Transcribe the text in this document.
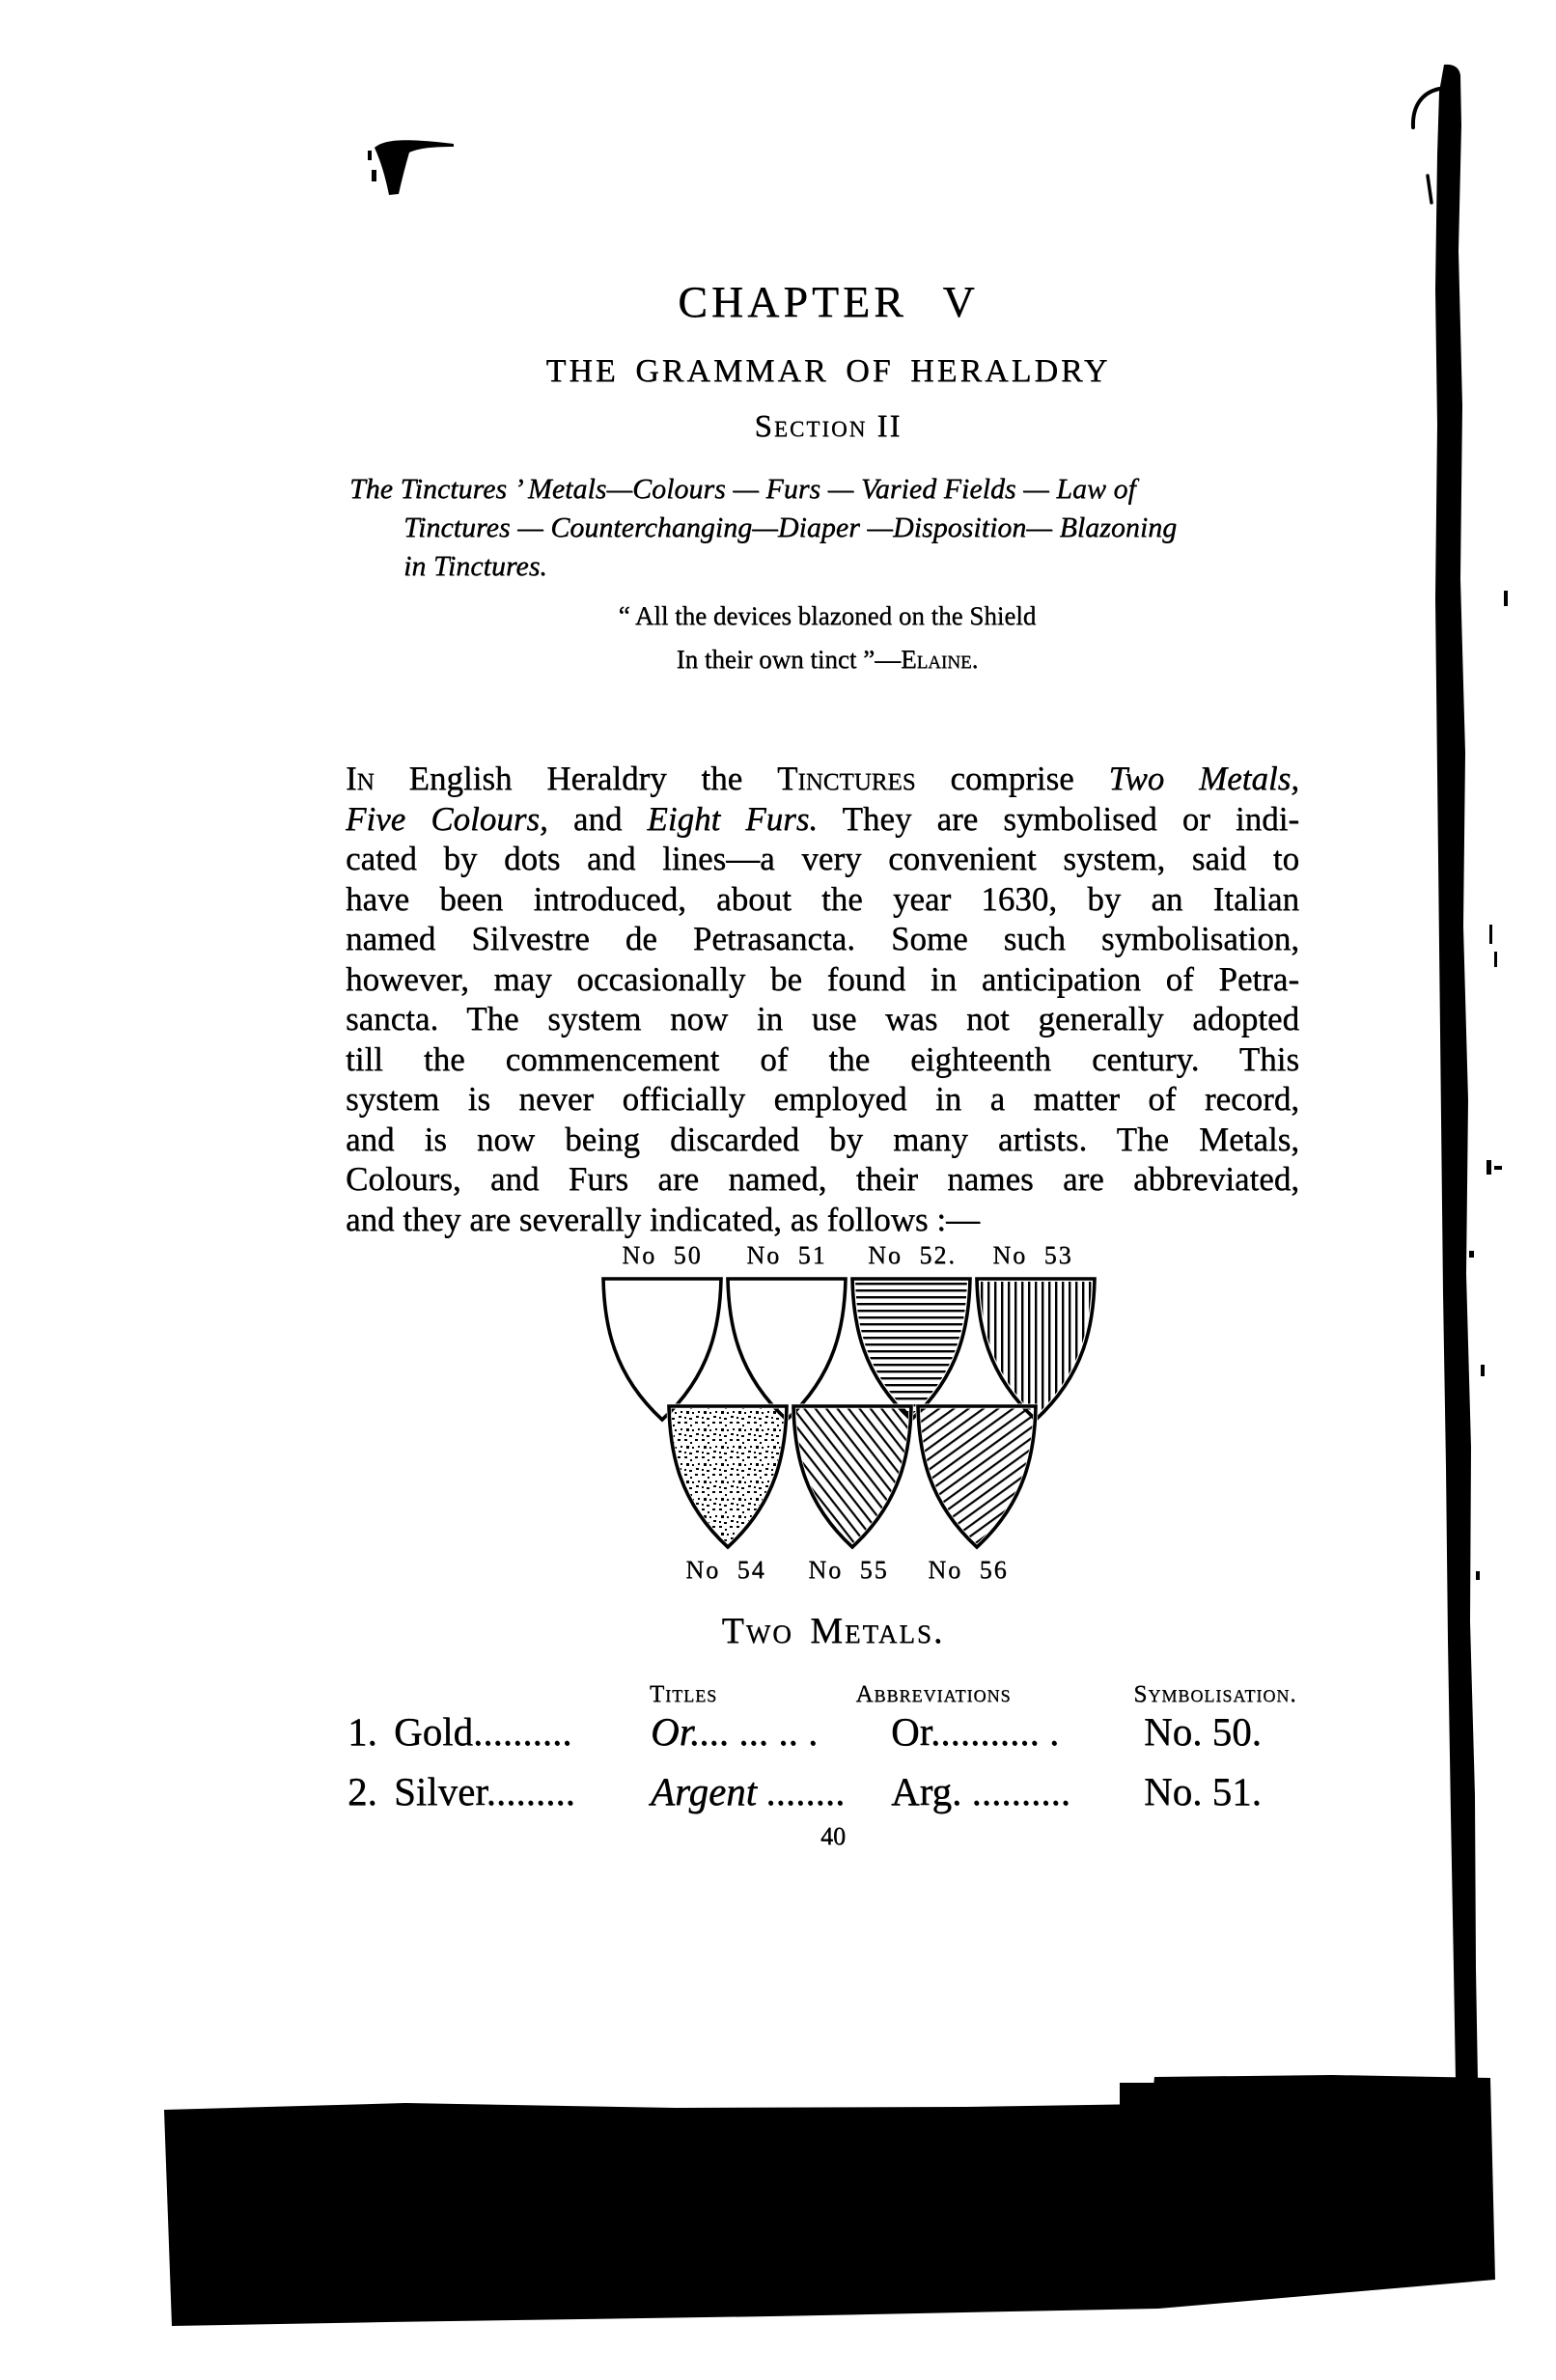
CHAPTER V
THE GRAMMAR OF HERALDRY
Section II
The Tinctures ’ Metals—Colours — Furs — Varied Fields — Law of
Tinctures — Counterchanging—Diaper —Disposition— Blazoning
in Tinctures.
“ All the devices blazoned on the Shield
In their own tinct ”—Elaine.
In English Heraldry the Tinctures comprise Two Metals,
Five Colours, and Eight Furs. They are symbolised or indi-
cated by dots and lines—a very convenient system, said to
have been introduced, about the year 1630, by an Italian
named Silvestre de Petrasancta. Some such symbolisation,
however, may occasionally be found in anticipation of Petra-
sancta. The system now in use was not generally adopted
till the commencement of the eighteenth century. This
system is never officially employed in a matter of record,
and is now being discarded by many artists. The Metals,
Colours, and Furs are named, their names are abbreviated,
and they are severally indicated, as follows :—
No 50 No 51 No 52. No 53
No 54 No 55 No 56
Two Metals.
Titles	Abbreviations	Symbolisation.
1. Gold.......... Or.... ... .. . Or........... . No. 50.
2. Silver......... Argent ........ Arg. .......... No. 51.
40
